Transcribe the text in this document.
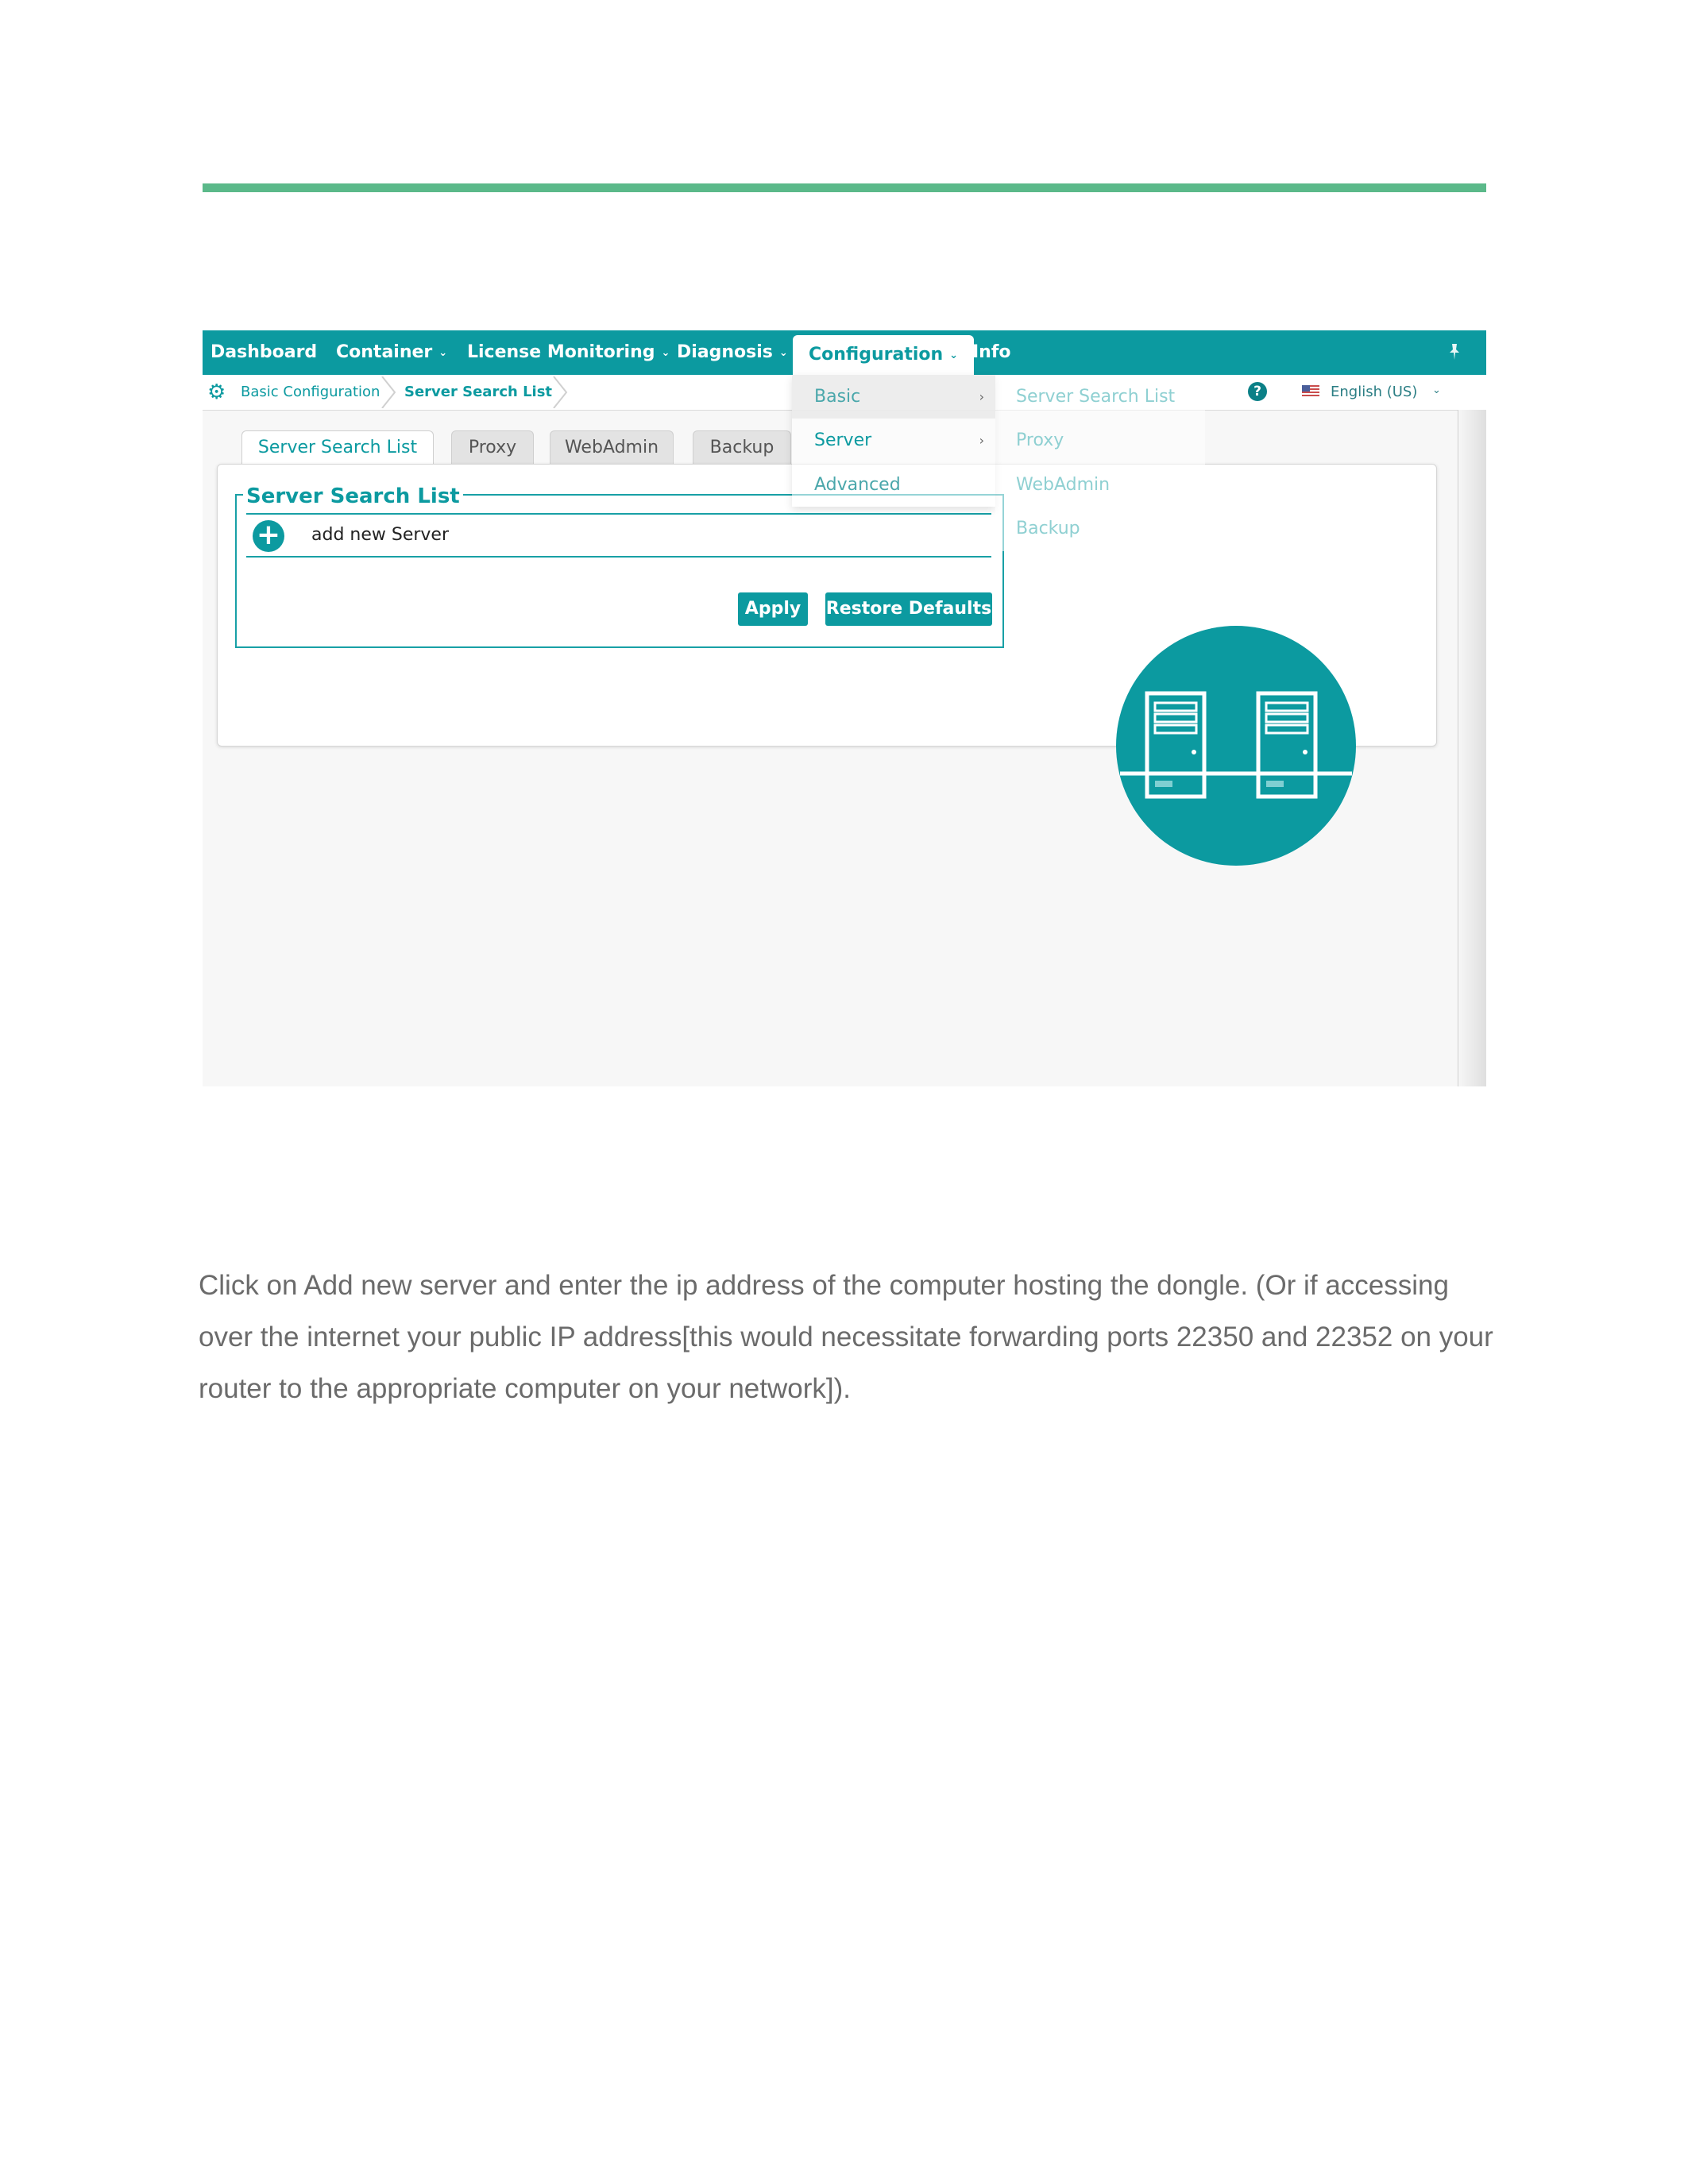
Dashboard Container ⌄ License Monitoring ⌄ Diagnosis ⌄	Configuration ⌄ Info
⚙ Basic Configuration Server Search List	?	English (US) ⌄
Server Search List	Proxy	WebAdmin	Backup
Server Search List
+ add new Server
Apply	Restore Defaults
Basic	›
Server	›
Advanced
Server Search List
Proxy
WebAdmin
Backup
Click on Add new server and enter the ip address of the computer hosting the dongle. (Or if accessing over the internet your public IP address[this would necessitate forwarding ports 22350 and 22352 on your router to the appropriate computer on your network]).
